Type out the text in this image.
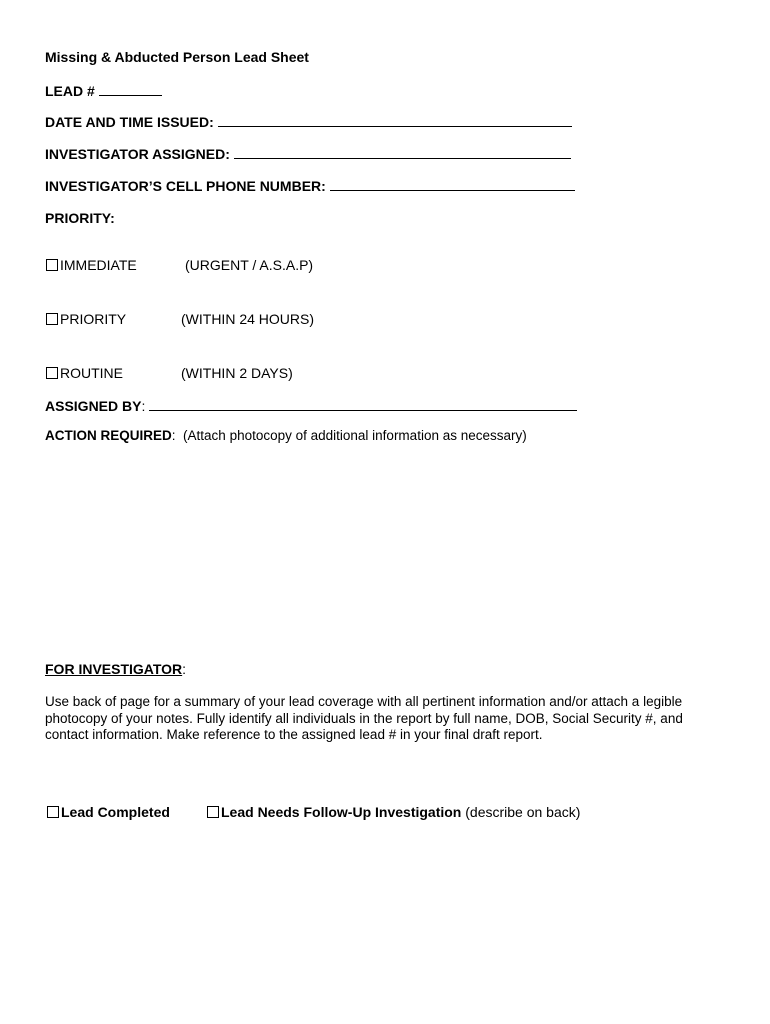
Missing & Abducted Person Lead Sheet
LEAD #
DATE AND TIME ISSUED:
INVESTIGATOR ASSIGNED:
INVESTIGATOR’S CELL PHONE NUMBER:
PRIORITY:
IMMEDIATE	(URGENT / A.S.A.P)
PRIORITY	(WITHIN 24 HOURS)
ROUTINE	(WITHIN 2 DAYS)
ASSIGNED BY:
ACTION REQUIRED: (Attach photocopy of additional information as necessary)
FOR INVESTIGATOR:
Use back of page for a summary of your lead coverage with all pertinent information and/or attach a legible photocopy of your notes. Fully identify all individuals in the report by full name, DOB, Social Security #, and contact information. Make reference to the assigned lead # in your final draft report.
Lead Completed	Lead Needs Follow-Up Investigation (describe on back)
